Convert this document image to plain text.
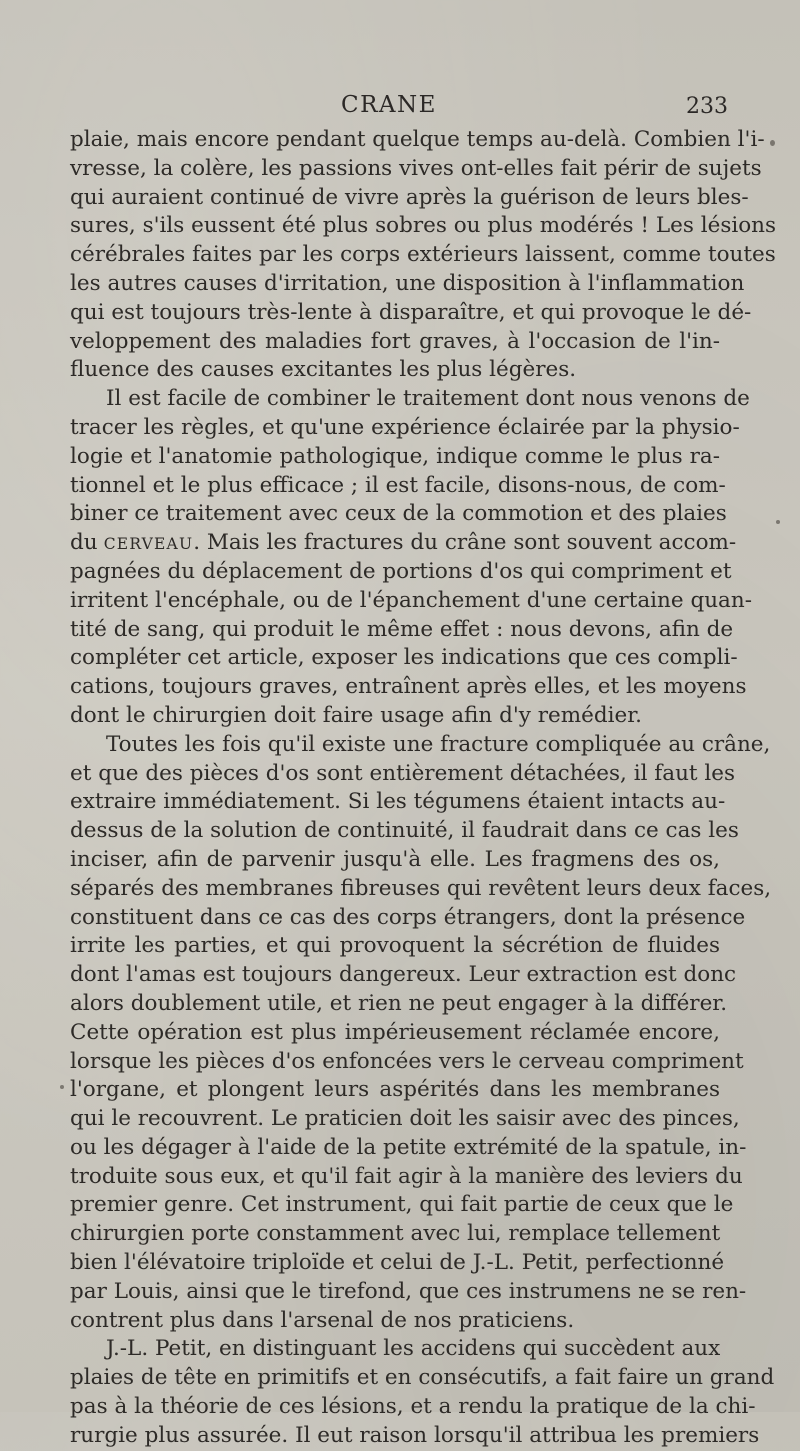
CRANE	233
plaie, mais encore pendant quelque temps au-delà. Combien l'i-
vresse, la colère, les passions vives ont-elles fait périr de sujets
qui auraient continué de vivre après la guérison de leurs bles-
sures, s'ils eussent été plus sobres ou plus modérés ! Les lésions
cérébrales faites par les corps extérieurs laissent, comme toutes
les autres causes d'irritation, une disposition à l'inflammation
qui est toujours très-lente à disparaître, et qui provoque le dé-
veloppement des maladies fort graves, à l'occasion de l'in-
fluence des causes excitantes les plus légères.
Il est facile de combiner le traitement dont nous venons de
tracer les règles, et qu'une expérience éclairée par la physio-
logie et l'anatomie pathologique, indique comme le plus ra-
tionnel et le plus efficace ; il est facile, disons-nous, de com-
biner ce traitement avec ceux de la commotion et des plaies
du CERVEAU. Mais les fractures du crâne sont souvent accom-
pagnées du déplacement de portions d'os qui compriment et
irritent l'encéphale, ou de l'épanchement d'une certaine quan-
tité de sang, qui produit le même effet : nous devons, afin de
compléter cet article, exposer les indications que ces compli-
cations, toujours graves, entraînent après elles, et les moyens
dont le chirurgien doit faire usage afin d'y remédier.
Toutes les fois qu'il existe une fracture compliquée au crâne,
et que des pièces d'os sont entièrement détachées, il faut les
extraire immédiatement. Si les tégumens étaient intacts au-
dessus de la solution de continuité, il faudrait dans ce cas les
inciser, afin de parvenir jusqu'à elle. Les fragmens des os,
séparés des membranes fibreuses qui revêtent leurs deux faces,
constituent dans ce cas des corps étrangers, dont la présence
irrite les parties, et qui provoquent la sécrétion de fluides
dont l'amas est toujours dangereux. Leur extraction est donc
alors doublement utile, et rien ne peut engager à la différer.
Cette opération est plus impérieusement réclamée encore,
lorsque les pièces d'os enfoncées vers le cerveau compriment
l'organe, et plongent leurs aspérités dans les membranes
qui le recouvrent. Le praticien doit les saisir avec des pinces,
ou les dégager à l'aide de la petite extrémité de la spatule, in-
troduite sous eux, et qu'il fait agir à la manière des leviers du
premier genre. Cet instrument, qui fait partie de ceux que le
chirurgien porte constamment avec lui, remplace tellement
bien l'élévatoire triploïde et celui de J.-L. Petit, perfectionné
par Louis, ainsi que le tirefond, que ces instrumens ne se ren-
contrent plus dans l'arsenal de nos praticiens.
J.-L. Petit, en distinguant les accidens qui succèdent aux
plaies de tête en primitifs et en consécutifs, a fait faire un grand
pas à la théorie de ces lésions, et a rendu la pratique de la chi-
rurgie plus assurée. Il eut raison lorsqu'il attribua les premiers
